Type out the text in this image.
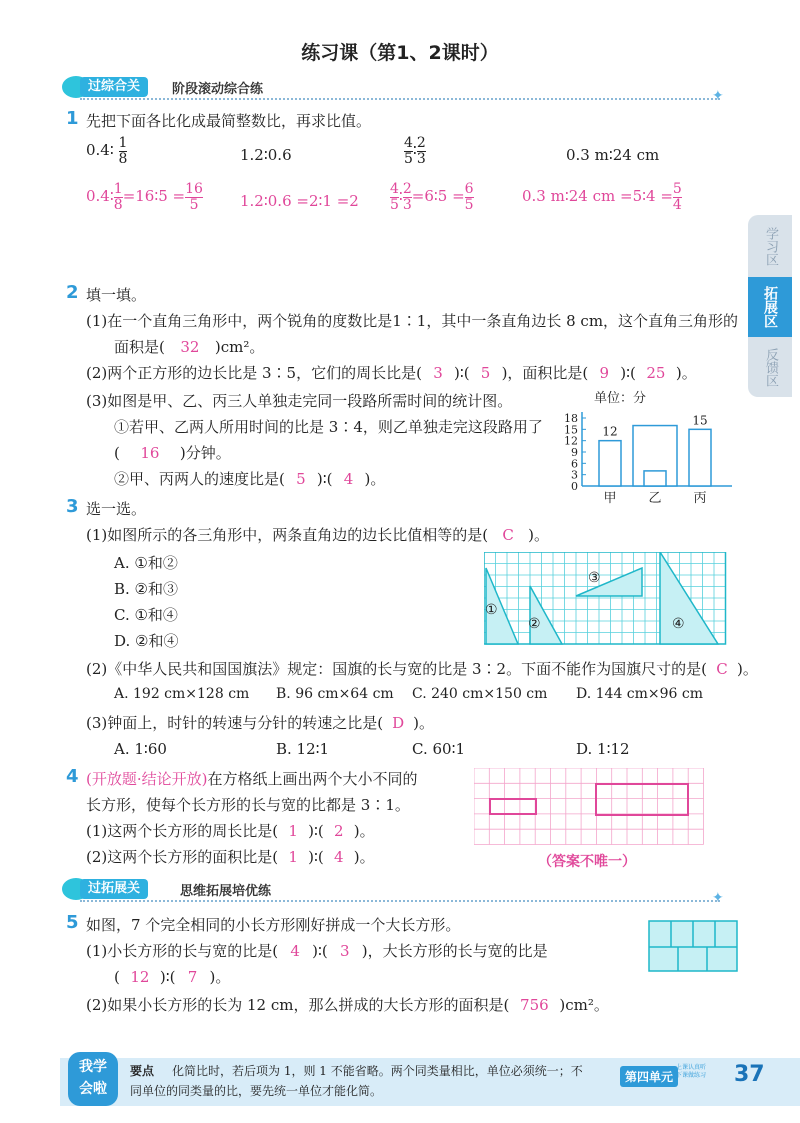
练习课（第1、2课时）
过综合关	阶段滚动综合练	✦
学习区
拓展区
反馈区
1 先把下面各比化成最简整数比，再求比值。
0.4∶ $\frac{1}{8}$	1.2∶0.6	$\frac{4}{5}$ ∶ $\frac{2}{3}$	0.3 m∶24 cm
0.4∶ $\frac{1}{8}$ =16∶5 = $\frac{16}{5}$ 1.2∶0.6 =2∶1 $=2 \frac{4}{5}$ ∶ $\frac{2}{3}$ =6∶5 = $\frac{6}{5}$	0.3 m∶24 cm =5∶4 = $\frac{5}{4}$
2 填一填。
(1)在一个直角三角形中，两个锐角的度数比是1∶1，其中一条直角边长 8 cm，这个直角三角形的
面积是( 32 )cm²。
(2)两个正方形的边长比是 3∶5，它们的周长比是( 3 )∶( 5 )，面积比是( 9 )∶( 25 )。
(3)如图是甲、乙、丙三人单独走完同一段路所需时间的统计图。
①若甲、乙两人所用时间的比是 3∶4，则乙单独走完这段路用了
( 16 )分钟。
②甲、丙两人的速度比是( 5 )∶( 4 )。
单位：分
0
3
6
9
12
15
18
12
甲 乙
15
丙
3 选一选。
(1)如图所示的各三角形中，两条直角边的边长比值相等的是( C )。
A. ①和②
B. ②和③
C. ①和④
D. ②和④
①
②
③
④
(2)《中华人民共和国国旗法》规定：国旗的长与宽的比是 3∶2。下面不能作为国旗尺寸的是( C )。
A. 192 cm×128 cm B. 96 cm×64 cm C. 240 cm×150 cm D. 144 cm×96 cm
(3)钟面上，时针的转速与分针的转速之比是( D )。
A. 1∶60	B. 12∶1	C. 60∶1	D. 1∶12
4 (开放题·结论开放)在方格纸上画出两个大小不同的
长方形，使每个长方形的长与宽的比都是 3∶1。
(1)这两个长方形的周长比是( 1 )∶( 2 )。
(2)这两个长方形的面积比是( 1 )∶( 4 )。	（答案不唯一）
过拓展关	思维拓展培优练	✦
5 如图，7 个完全相同的小长方形刚好拼成一个大长方形。
(1)小长方形的长与宽的比是( 4 )∶( 3 )，大长方形的长与宽的比是
( 12 )∶( 7 )。
(2)如果小长方形的长为 12 cm，那么拼成的大长方形的面积是( 756 )cm²。
我学
会啦
要点 化简比时，若后项为 1，则 1 不能省略。两个同类量相比，单位必须统一；不
同单位的同类量的比，要先统一单位才能化简。
第四单元
上课认真听
下课做练习 37
